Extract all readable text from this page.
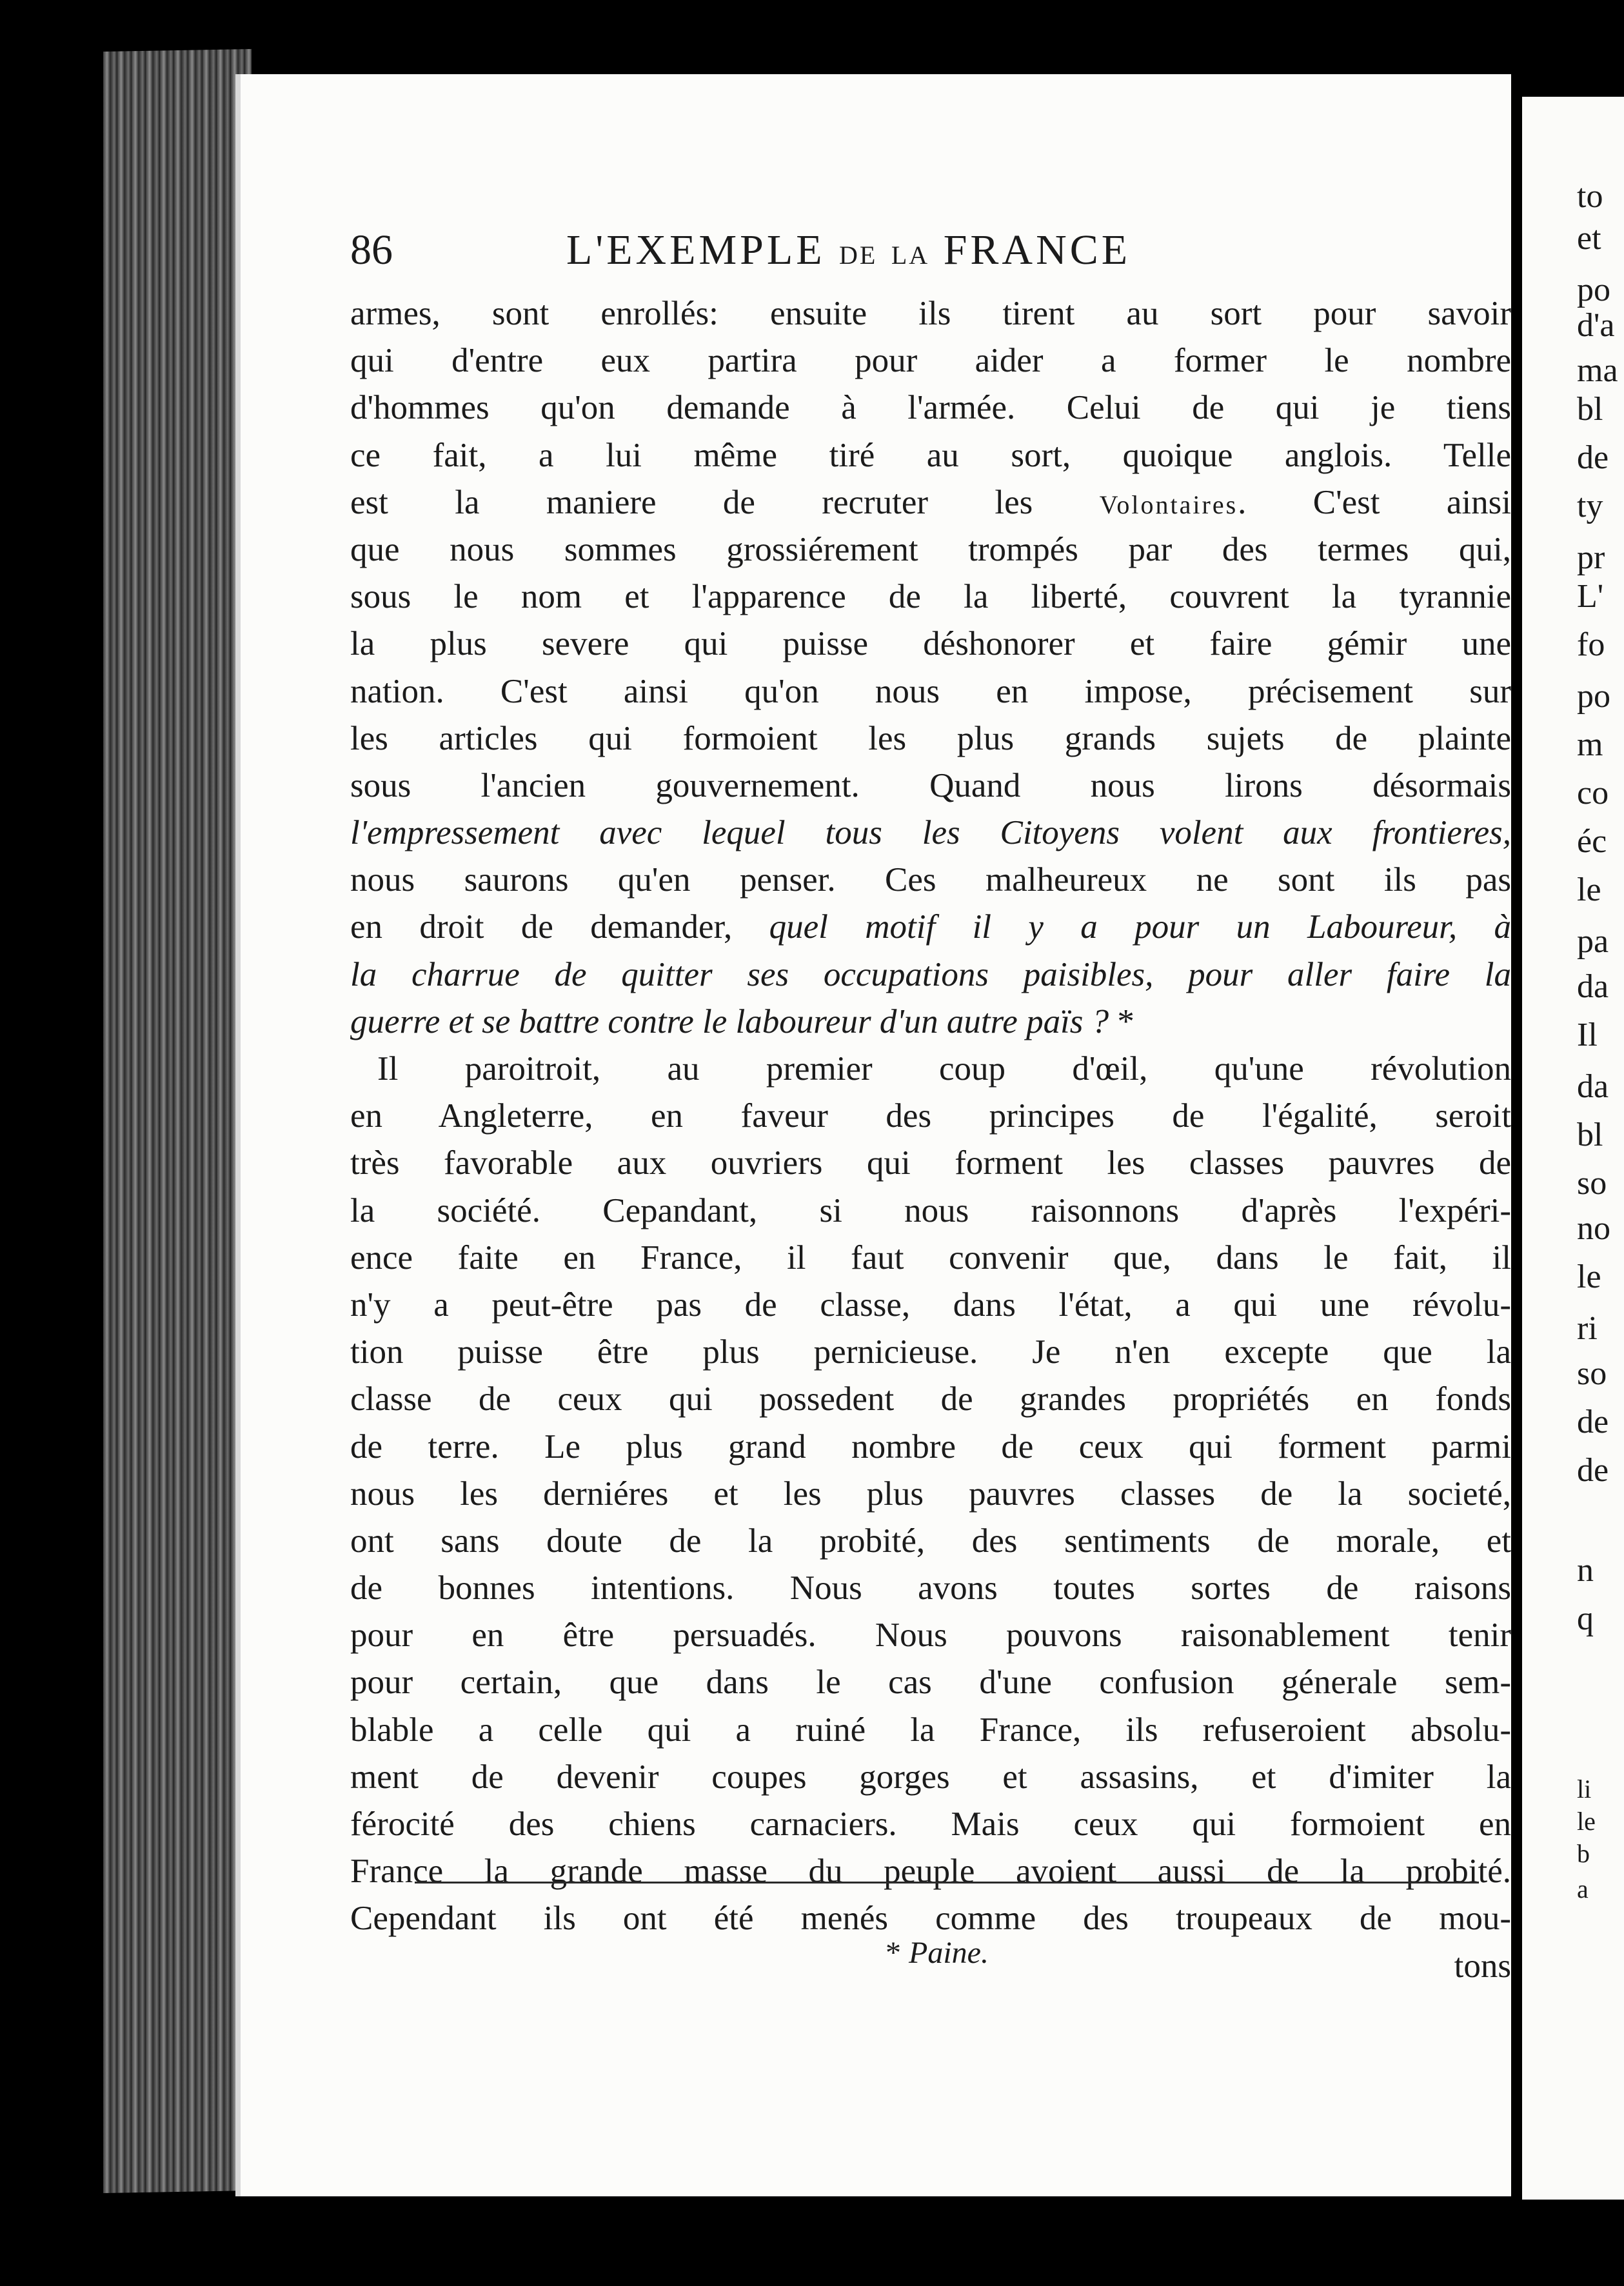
86	L'EXEMPLE DE LA FRANCE
armes, sont enrollés: ensuite ils tirent au sort pour savoir
qui d'entre eux partira pour aider a former le nombre
d'hommes qu'on demande à l'armée. Celui de qui je tiens
ce fait, a lui même tiré au sort, quoique anglois. Telle
est la maniere de recruter les	Volontaires. C'est ainsi
que nous sommes grossiérement trompés par des termes qui,
sous le nom et l'apparence de la liberté, couvrent la tyrannie
la plus severe qui puisse déshonorer et faire gémir une
nation. C'est ainsi qu'on nous en impose, précisement sur
les articles qui formoient les plus grands sujets de plainte
sous l'ancien gouvernement. Quand nous lirons désormais
l'empressement avec lequel tous les Citoyens volent aux frontieres,
nous saurons qu'en penser. Ces malheureux ne sont ils pas
en droit de demander, quel motif il y a pour un Laboureur, à
la charrue de quitter ses occupations paisibles, pour aller faire la
guerre et se battre contre le laboureur d'un autre païs ? *
Il paroitroit, au premier coup d'œil, qu'une révolution
en Angleterre, en faveur des principes de l'égalité, seroit
très favorable aux ouvriers qui forment les classes pauvres de
la société. Cepandant, si nous raisonnons d'après l'expéri-
ence faite en France, il faut convenir que, dans le fait, il
n'y a peut-être pas de classe, dans l'état, a qui une révolu-
tion puisse être plus pernicieuse. Je n'en excepte que la
classe de ceux qui possedent de grandes propriétés en fonds
de terre. Le plus grand nombre de ceux qui forment parmi
nous les derniéres et les plus pauvres classes de la societé,
ont sans doute de la probité, des sentiments de morale, et
de bonnes intentions. Nous avons toutes sortes de raisons
pour en être persuadés. Nous pouvons raisonablement tenir
pour certain, que dans le cas d'une confusion génerale sem-
blable a celle qui a ruiné la France, ils refuseroient absolu-
ment de devenir coupes gorges et assasins, et d'imiter la
férocité des chiens carnaciers. Mais ceux qui formoient en
France la grande masse du peuple avoient aussi de la probité.
Cependant ils ont été menés comme des troupeaux de mou-
tons
* Paine.
to
et
po
d'a
ma
bl
de
ty
pr
L'
fo
po
m
co
éc
le
pa
da
Il
da
bl
so
no
le
ri
so
de
de
n
q
li
le
b
a
